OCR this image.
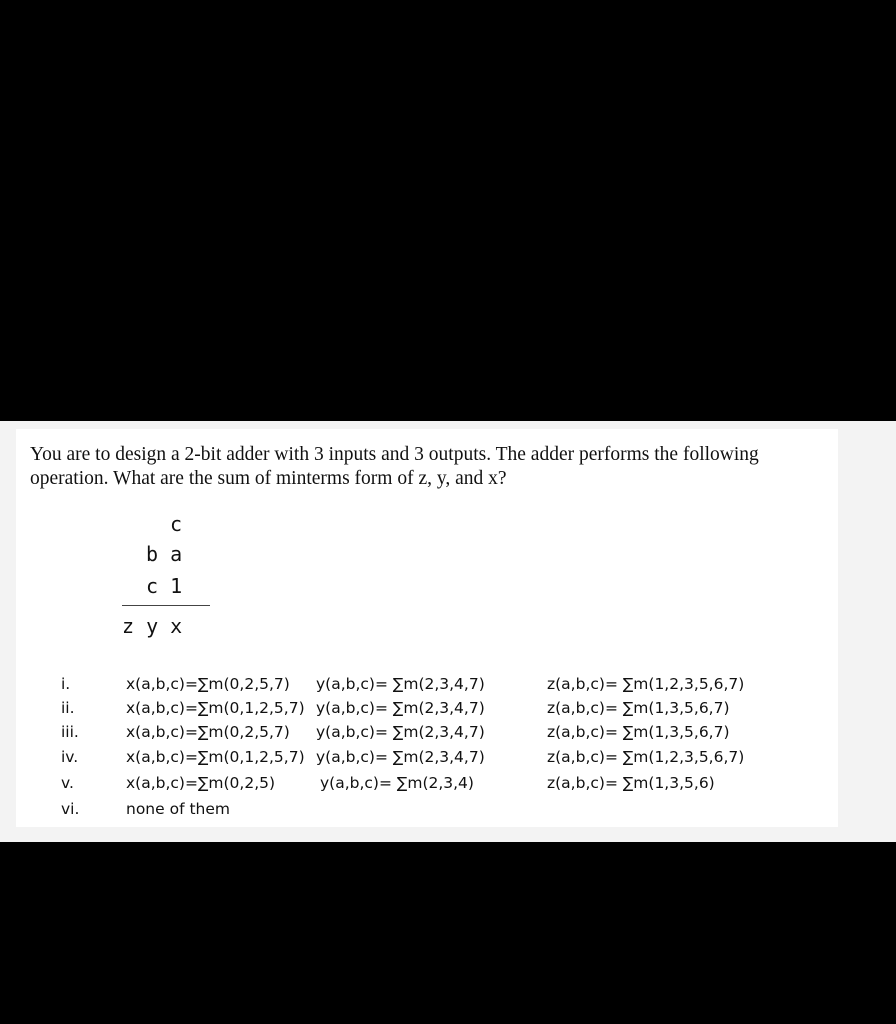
You are to design a 2-bit adder with 3 inputs and 3 outputs. The adder performs the following operation. What are the sum of minterms form of z, y, and x?
c
b a
c 1
z y x
i.	x(a,b,c)=∑m(0,2,5,7) y(a,b,c)= ∑m(2,3,4,7)	z(a,b,c)= ∑m(1,2,3,5,6,7)
ii.	x(a,b,c)=∑m(0,1,2,5,7) y(a,b,c)= ∑m(2,3,4,7)	z(a,b,c)= ∑m(1,3,5,6,7)
iii.	x(a,b,c)=∑m(0,2,5,7) y(a,b,c)= ∑m(2,3,4,7)	z(a,b,c)= ∑m(1,3,5,6,7)
iv.	x(a,b,c)=∑m(0,1,2,5,7) y(a,b,c)= ∑m(2,3,4,7)	z(a,b,c)= ∑m(1,2,3,5,6,7)
v.	x(a,b,c)=∑m(0,2,5)	y(a,b,c)= ∑m(2,3,4)	z(a,b,c)= ∑m(1,3,5,6)
vi.	none of them
